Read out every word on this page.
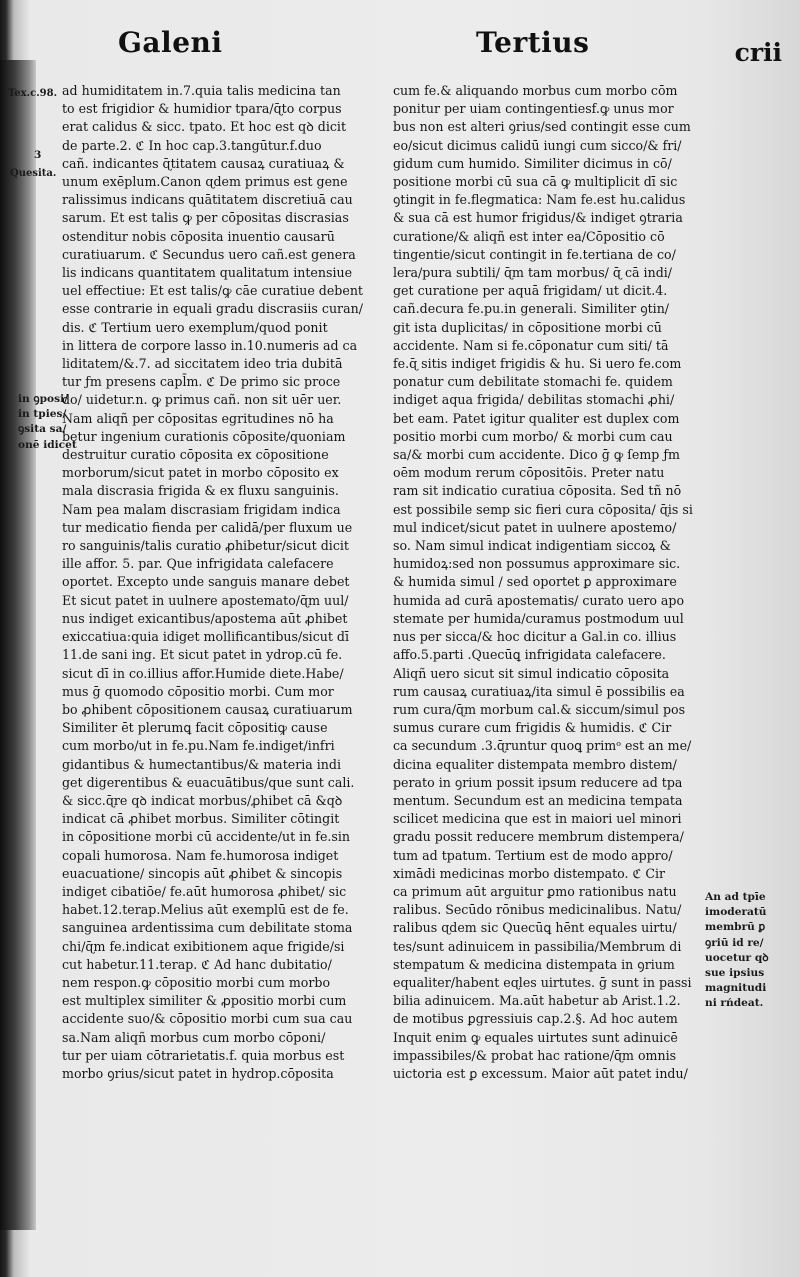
Galeni	Tertius	crii
Tex.c.98.
3
Quesita.
in ꝯposi/
in tpies/
ꝯsita sa/
onē idicet
An ad tpīe
imoderatū
membrū ꝑ
ꝯriū id re/
uocetur qꝺ
sue ipsius
magnitudi
ni rńdeat.
ad humiditatem in.7.quia talis medicina tan
to est frigidior & humidior tpara/ɋ̄to corpus
erat calidus & sicc. tpato. Et hoc est qꝺ dicit
de parte.2. ℭ In hoc cap.3.tangūtur.f.duo
cañ. indicantes ɋ̄titatem causaꝝ curatiuaꝝ &
unum exēplum.Canon ɋdem primus est gene
ralissimus indicans quātitatem discretiuā cau
sarum. Et est talis ꝙ per cōpositas discrasias
ostenditur nobis cōposita inuentio causarū
curatiuarum. ℭ Secundus uero cañ.est genera
lis indicans quantitatem qualitatum intensiue
uel effectiue: Et est talis/ꝙ cāe curatiue debent
esse contrarie in equali gradu discrasiis curan/
dis. ℭ Tertium uero exemplum/quod ponit
in littera de corpore lasso in.10.numeris ad ca
liditatem/&.7. ad siccitatem ideo tria dubitā
tur ƒm presens capl̄m. ℭ De primo sic proce
do/ uidetur.n. ꝙ primus cañ. non sit uēr uer.
Nam aliqñ per cōpositas egritudines nō ha
betur ingenium curationis cōposite/quoniam
destruitur curatio cōposita ex cōpositione
morborum/sicut patet in morbo cōposito ex
mala discrasia frigida & ex fluxu sanguinis.
Nam pea malam discrasiam frigidam indica
tur medicatio fienda per calidā/per fluxum ue
ro sanguinis/talis curatio ꝓhibetur/sicut dicit
ille affor. 5. par. Que infrigidata calefacere
oportet. Excepto unde sanguis manare debet
Et sicut patet in uulnere apostemato/ɋ̄m uul/
nus indiget exicantibus/apostema aūt ꝓhibet
exiccatiua:quia idiget mollificantibus/sicut dī
11.de sani ing. Et sicut patet in ydrop.cū fe.
sicut dī in co.illius affor.Humide diete.Habe/
mus ḡ quomodo cōpositio morbi. Cum mor
bo ꝓhibent cōpositionem causaꝝ curatiuarum
Similiter ēt plerumꝗ facit cōpositiꝙ cause
cum morbo/ut in fe.pu.Nam fe.indiget/infri
gidantibus & humectantibus/& materia indi
get digerentibus & euacuātibus/que sunt cali.
& sicc.ɋ̄re qꝺ indicat morbus/ꝓhibet cā &qꝺ
indicat cā ꝓhibet morbus. Similiter cōtingit
in cōpositione morbi cū accidente/ut in fe.sin
copali humorosa. Nam fe.humorosa indiget
euacuatione/ sincopis aūt ꝓhibet & sincopis
indiget cibatiōe/ fe.aūt humorosa ꝓhibet/ sic
habet.12.terap.Melius aūt exemplū est de fe.
sanguinea ardentissima cum debilitate stoma
chi/ɋ̄m fe.indicat exibitionem aque frigide/si
cut habetur.11.terap. ℭ Ad hanc dubitatio/
nem respon.ꝙ cōpositio morbi cum morbo
est multiplex similiter & ꝓpositio morbi cum
accidente suo/& cōpositio morbi cum sua cau
sa.Nam aliqñ morbus cum morbo cōponi/
tur per uiam cōtrarietatis.f. quia morbus est
morbo ꝯrius/sicut patet in hydrop.cōposita
cum fe.& aliquando morbus cum morbo cōm
ponitur per uiam contingentiesf.ꝙ unus mor
bus non est alteri ꝯrius/sed contingit esse cum
eo/sicut dicimus calidū iungi cum sicco/& fri/
gidum cum humido. Similiter dicimus in cō/
positione morbi cū sua cā ꝙ multiplicit dī sic
ꝯtingit in fe.flegmatica: Nam fe.est hu.calidus
& sua cā est humor frigidus/& indiget ꝯtraria
curatione/& aliqñ est inter ea/Cōpositio cō
tingentie/sicut contingit in fe.tertiana de co/
lera/pura subtili/ ɋ̄m tam morbus/ ɋ̄ cā indi/
get curatione per aquā frigidam/ ut dicit.4.
cañ.decura fe.pu.in generali. Similiter ꝯtin/
git ista duplicitas/ in cōpositione morbi cū
accidente. Nam si fe.cōponatur cum siti/ tā
fe.ɋ̄ sitis indiget frigidis & hu. Si uero fe.com
ponatur cum debilitate stomachi fe. quidem
indiget aqua frigida/ debilitas stomachi ꝓhi/
bet eam. Patet igitur qualiter est duplex com
positio morbi cum morbo/ & morbi cum cau
sa/& morbi cum accidente. Dico ḡ ꝙ ſemp ƒm
oēm modum rerum cōpositōis. Preter natu
ram sit indicatio curatiua cōposita. Sed tñ nō
est possibile semp sic fieri cura cōposita/ ɋ̄is si
mul indicet/sicut patet in uulnere apostemo/
so. Nam simul indicat indigentiam siccoꝝ &
humidoꝝ:sed non possumus approximare sic.
& humida simul / sed oportet ꝑ approximare
humida ad curā apostematis/ curato uero apo
stemate per humida/curamus postmodum uul
nus per sicca/& hoc dicitur a Gal.in co. illius
affo.5.parti .Quecūꝗ infrigidata calefacere.
Aliqñ uero sicut sit simul indicatio cōposita
rum causaꝝ curatiuaꝝ/ita simul ē possibilis ea
rum cura/ɋ̄m morbum cal.& siccum/simul pos
sumus curare cum frigidis & humidis. ℭ Cir
ca secundum .3.ɋ̄runtur quoꝗ primᵒ est an me/
dicina equaliter distempata membro distem/
perato in ꝯrium possit ipsum reducere ad tpa
mentum. Secundum est an medicina tempata
scilicet medicina que est in maiori uel minori
gradu possit reducere membrum distempera/
tum ad tpatum. Tertium est de modo appro/
ximādi medicinas morbo distempato. ℭ Cir
ca primum aūt arguitur ꝑmo rationibus natu
ralibus. Secūdo rōnibus medicinalibus. Natu/
ralibus ɋdem sic Quecūꝗ hēnt equales uirtu/
tes/sunt adinuicem in passibilia/Membrum di
stempatum & medicina distempata in ꝯrium
equaliter/habent eɋles uirtutes. ḡ sunt in passi
bilia adinuicem. Ma.aūt habetur ab Arist.1.2.
de motibus ꝑgressiuis cap.2.§. Ad hoc autem
Inquit enim ꝙ equales uirtutes sunt adinuicē
impassibiles/& probat hac ratione/ɋ̄m omnis
uictoria est ꝑ excessum. Maior aūt patet indu/
